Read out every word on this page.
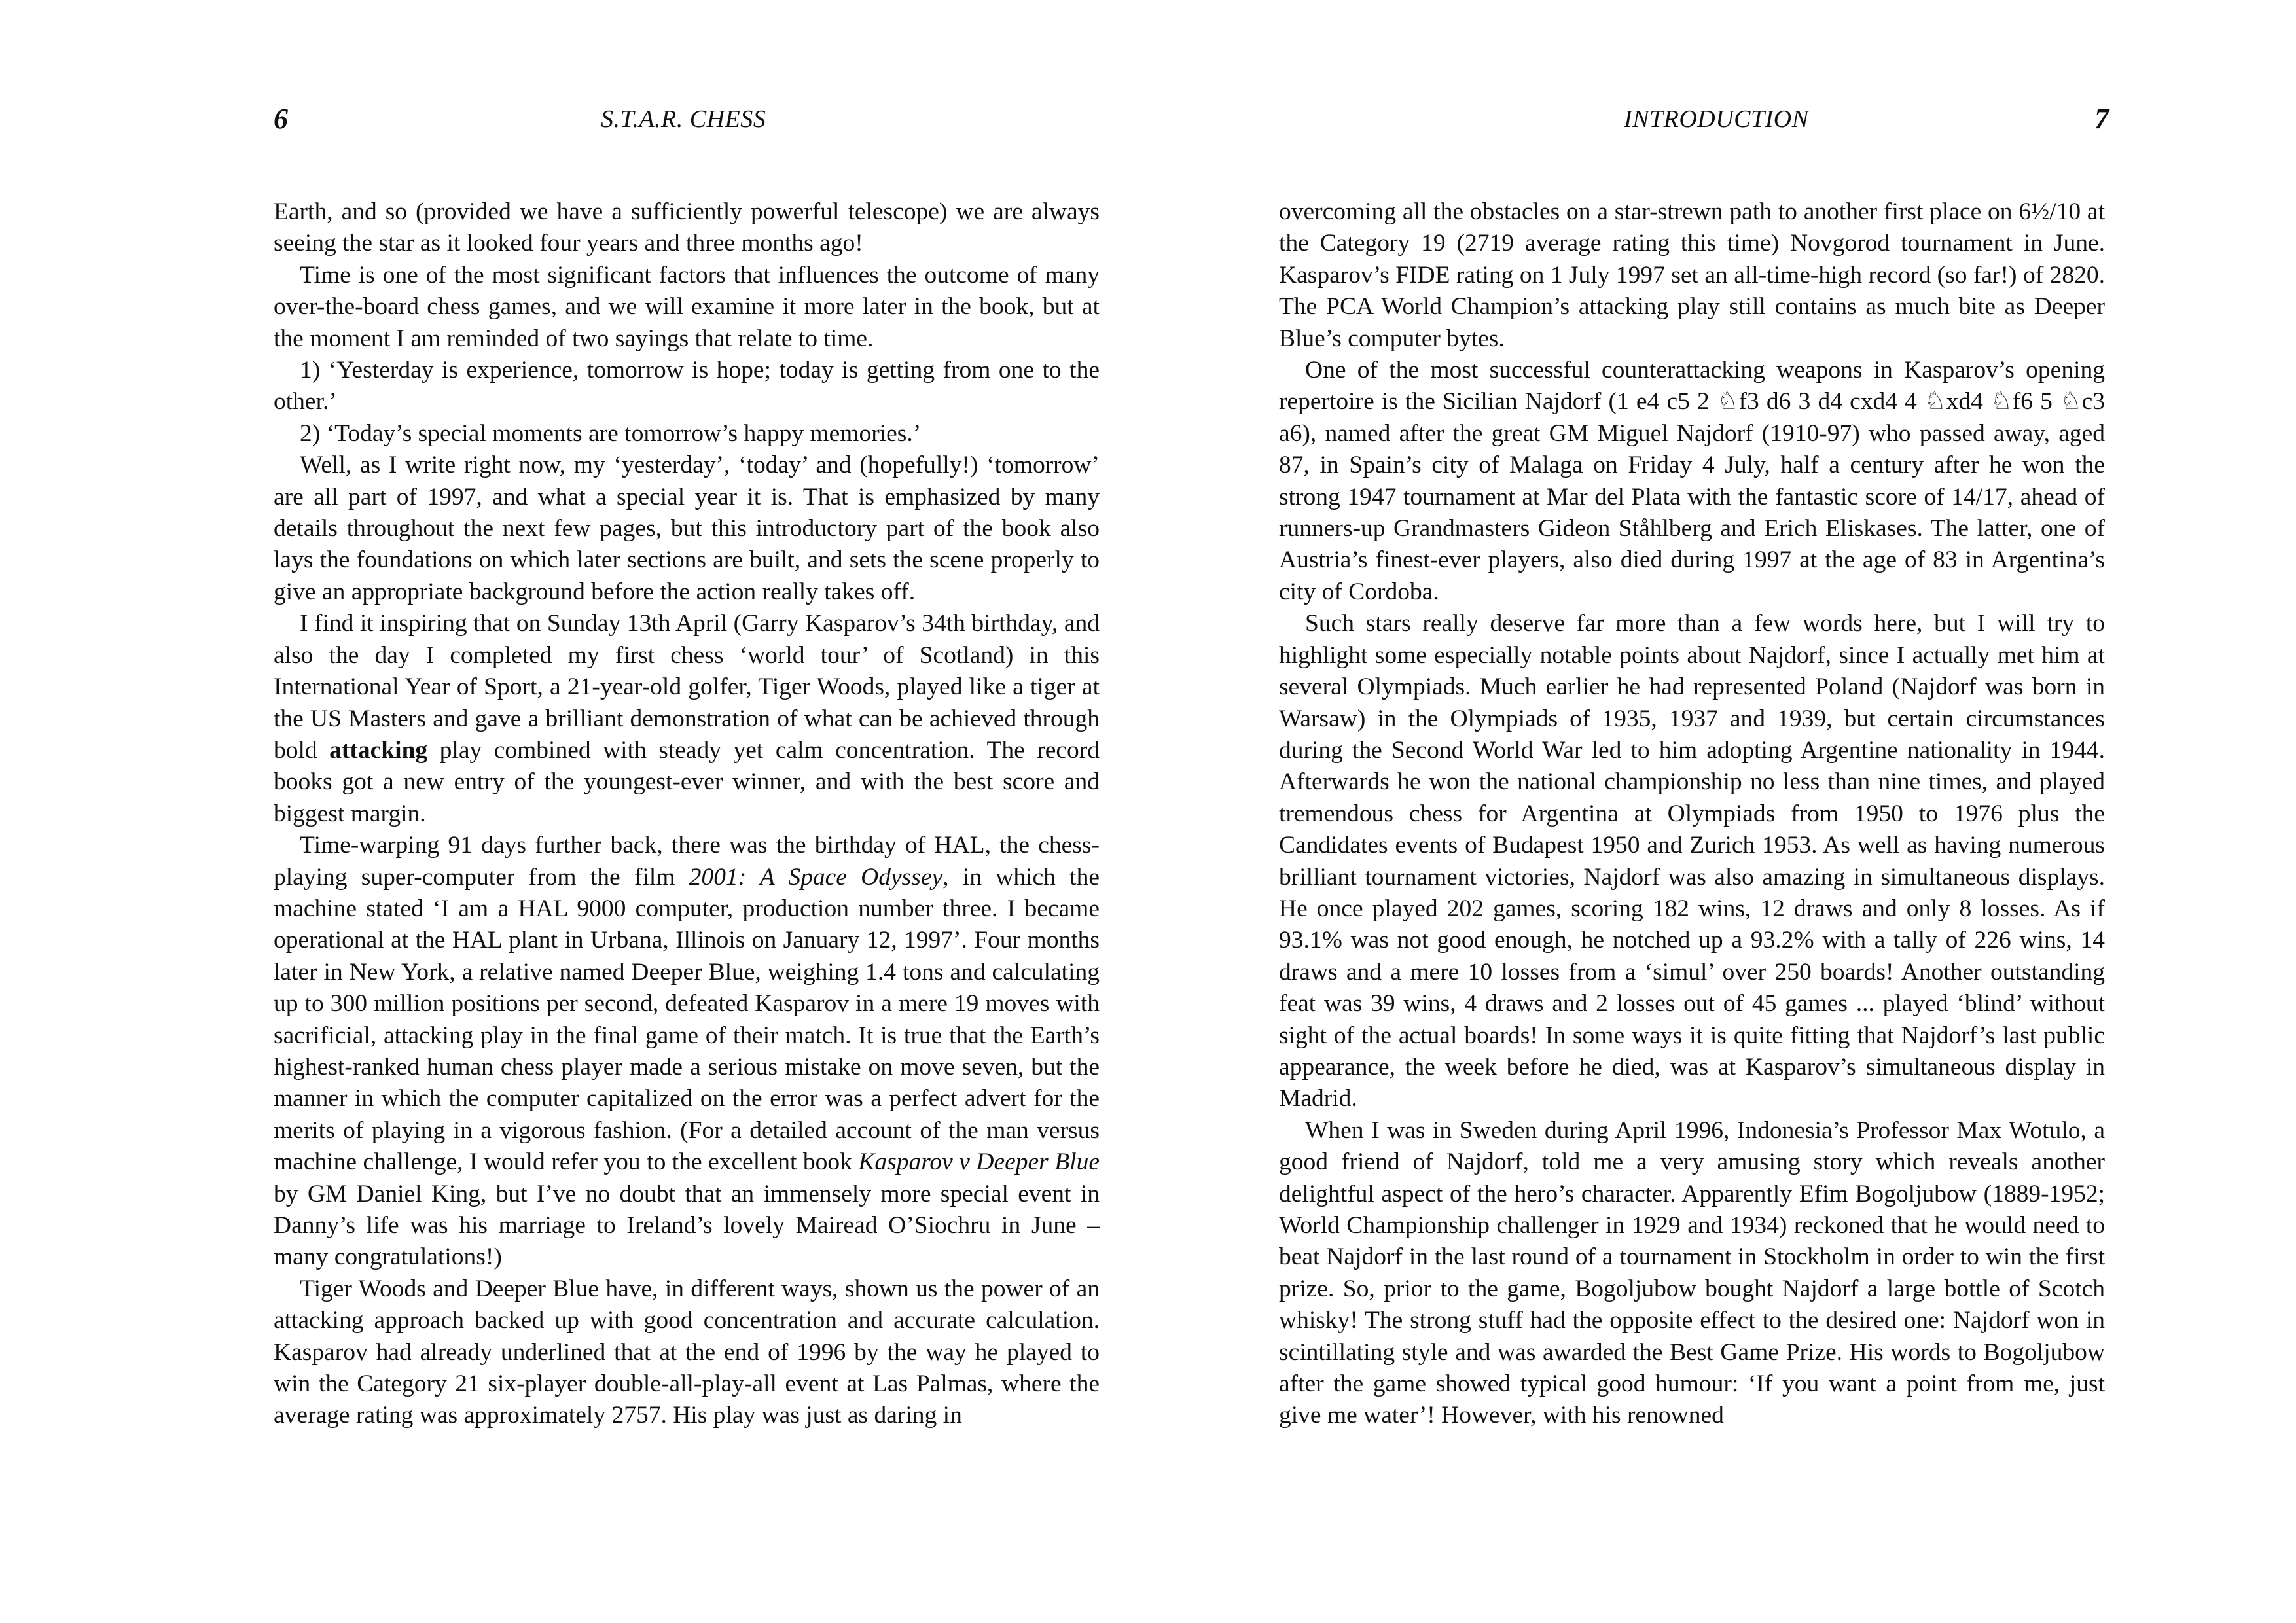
6	S.T.A.R. CHESS

Earth, and so (provided we have a sufficiently powerful telescope) we are always seeing the star as it looked four years and three months ago!

Time is one of the most significant factors that influences the outcome of many over-the-board chess games, and we will examine it more later in the book, but at the moment I am reminded of two sayings that relate to time.

1) ‘Yesterday is experience, tomorrow is hope; today is getting from one to the other.’

2) ‘Today’s special moments are tomorrow’s happy memories.’

Well, as I write right now, my ‘yesterday’, ‘today’ and (hopefully!) ‘tomorrow’ are all part of 1997, and what a special year it is. That is emphasized by many details throughout the next few pages, but this introductory part of the book also lays the foundations on which later sections are built, and sets the scene properly to give an appropriate background before the action really takes off.

I find it inspiring that on Sunday 13th April (Garry Kasparov’s 34th birthday, and also the day I completed my first chess ‘world tour’ of Scotland) in this International Year of Sport, a 21-year-old golfer, Tiger Woods, played like a tiger at the US Masters and gave a brilliant demonstration of what can be achieved through bold attacking play combined with steady yet calm concentration. The record books got a new entry of the youngest-ever winner, and with the best score and biggest margin.

Time-warping 91 days further back, there was the birthday of HAL, the chess-playing super-computer from the film 2001: A Space Odyssey, in which the machine stated ‘I am a HAL 9000 computer, production number three. I became operational at the HAL plant in Urbana, Illinois on January 12, 1997’. Four months later in New York, a relative named Deeper Blue, weighing 1.4 tons and calculating up to 300 million positions per second, defeated Kasparov in a mere 19 moves with sacrificial, attacking play in the final game of their match. It is true that the Earth’s highest-ranked human chess player made a serious mistake on move seven, but the manner in which the computer capitalized on the error was a perfect advert for the merits of playing in a vigorous fashion. (For a detailed account of the man versus machine challenge, I would refer you to the excellent book Kasparov v Deeper Blue by GM Daniel King, but I’ve no doubt that an immensely more special event in Danny’s life was his marriage to Ireland’s lovely Mairead O’Siochru in June – many congratulations!)

Tiger Woods and Deeper Blue have, in different ways, shown us the power of an attacking approach backed up with good concentration and accurate calculation. Kasparov had already underlined that at the end of 1996 by the way he played to win the Category 21 six-player double-all-play-all event at Las Palmas, where the average rating was approximately 2757. His play was just as daring in

INTRODUCTION	7

overcoming all the obstacles on a star-strewn path to another first place on 6½/10 at the Category 19 (2719 average rating this time) Novgorod tournament in June. Kasparov’s FIDE rating on 1 July 1997 set an all-time-high record (so far!) of 2820. The PCA World Champion’s attacking play still contains as much bite as Deeper Blue’s computer bytes.

One of the most successful counterattacking weapons in Kasparov’s opening repertoire is the Sicilian Najdorf (1 e4 c5 2 ♘f3 d6 3 d4 cxd4 4 ♘xd4 ♘f6 5 ♘c3 a6), named after the great GM Miguel Najdorf (1910-97) who passed away, aged 87, in Spain’s city of Malaga on Friday 4 July, half a century after he won the strong 1947 tournament at Mar del Plata with the fantastic score of 14/17, ahead of runners-up Grandmasters Gideon Ståhlberg and Erich Eliskases. The latter, one of Austria’s finest-ever players, also died during 1997 at the age of 83 in Argentina’s city of Cordoba.

Such stars really deserve far more than a few words here, but I will try to highlight some especially notable points about Najdorf, since I actually met him at several Olympiads. Much earlier he had represented Poland (Najdorf was born in Warsaw) in the Olympiads of 1935, 1937 and 1939, but certain circumstances during the Second World War led to him adopting Argentine nationality in 1944. Afterwards he won the national championship no less than nine times, and played tremendous chess for Argentina at Olympiads from 1950 to 1976 plus the Candidates events of Budapest 1950 and Zurich 1953. As well as having numerous brilliant tournament victories, Najdorf was also amazing in simultaneous displays. He once played 202 games, scoring 182 wins, 12 draws and only 8 losses. As if 93.1% was not good enough, he notched up a 93.2% with a tally of 226 wins, 14 draws and a mere 10 losses from a ‘simul’ over 250 boards! Another outstanding feat was 39 wins, 4 draws and 2 losses out of 45 games ... played ‘blind’ without sight of the actual boards! In some ways it is quite fitting that Najdorf’s last public appearance, the week before he died, was at Kasparov’s simultaneous display in Madrid.

When I was in Sweden during April 1996, Indonesia’s Professor Max Wotulo, a good friend of Najdorf, told me a very amusing story which reveals another delightful aspect of the hero’s character. Apparently Efim Bogoljubow (1889-1952; World Championship challenger in 1929 and 1934) reckoned that he would need to beat Najdorf in the last round of a tournament in Stockholm in order to win the first prize. So, prior to the game, Bogoljubow bought Najdorf a large bottle of Scotch whisky! The strong stuff had the opposite effect to the desired one: Najdorf won in scintillating style and was awarded the Best Game Prize. His words to Bogoljubow after the game showed typical good humour: ‘If you want a point from me, just give me water’! However, with his renowned
